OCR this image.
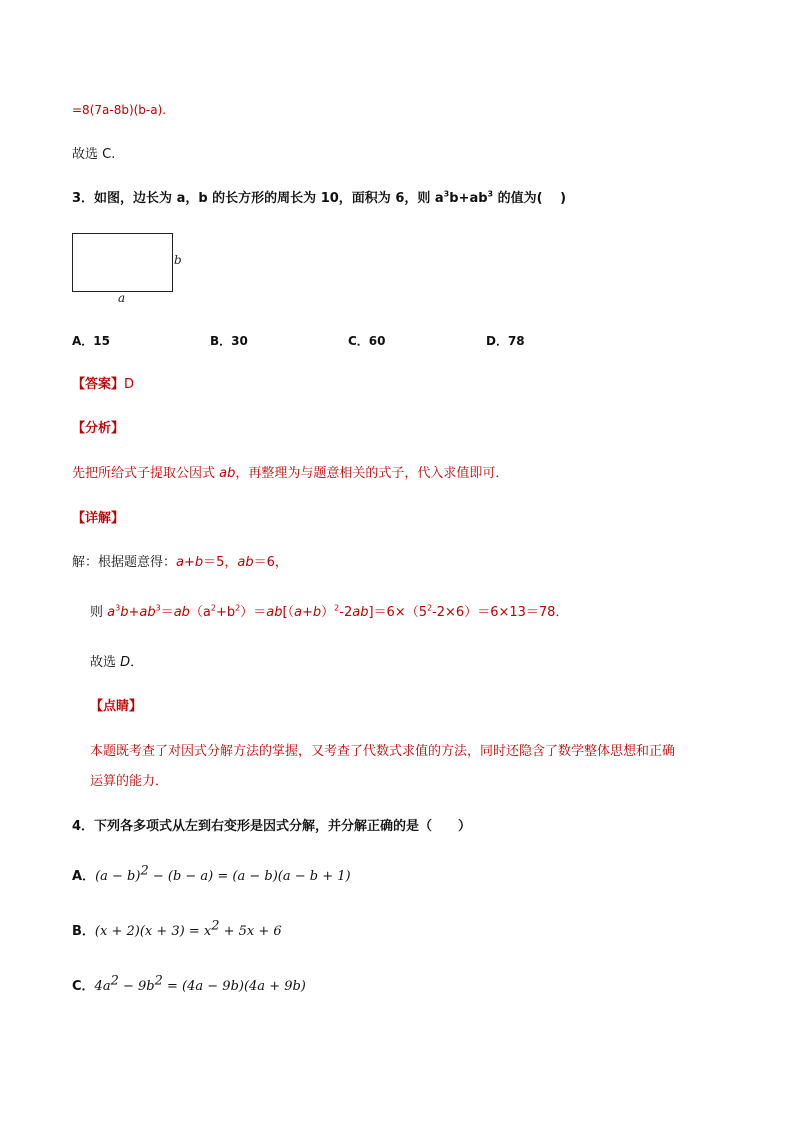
=8(7a-8b)(b-a).
故选 C.
3．如图，边长为 a，b 的长方形的周长为 10，面积为 6，则 $a^3b+ab^3$ 的值为(　 )
b
a
A．15	B．30	C．60	D．78
【答案】D
【分析】
先把所给式子提取公因式 ab，再整理为与题意相关的式子，代入求值即可．
【详解】
解：根据题意得：a+b＝5，ab＝6，
则 $a^3b+ab^3=ab(a^2+b^2)=ab[(a+b)^2-2ab]=6\times(5^2-2\times 6)=6\times 13=78$．
故选 D．
【点睛】
本题既考查了对因式分解方法的掌握，又考查了代数式求值的方法，同时还隐含了数学整体思想和正确
运算的能力．
4．下列各多项式从左到右变形是因式分解，并分解正确的是（　　）
A．$(a - b)^2 - (b - a) = (a - b)(a - b + 1)$
B．$(x + 2)(x + 3) = x^2 + 5x + 6$
C．$4a^2 - 9b^2 = (4a - 9b)(4a + 9b)$
